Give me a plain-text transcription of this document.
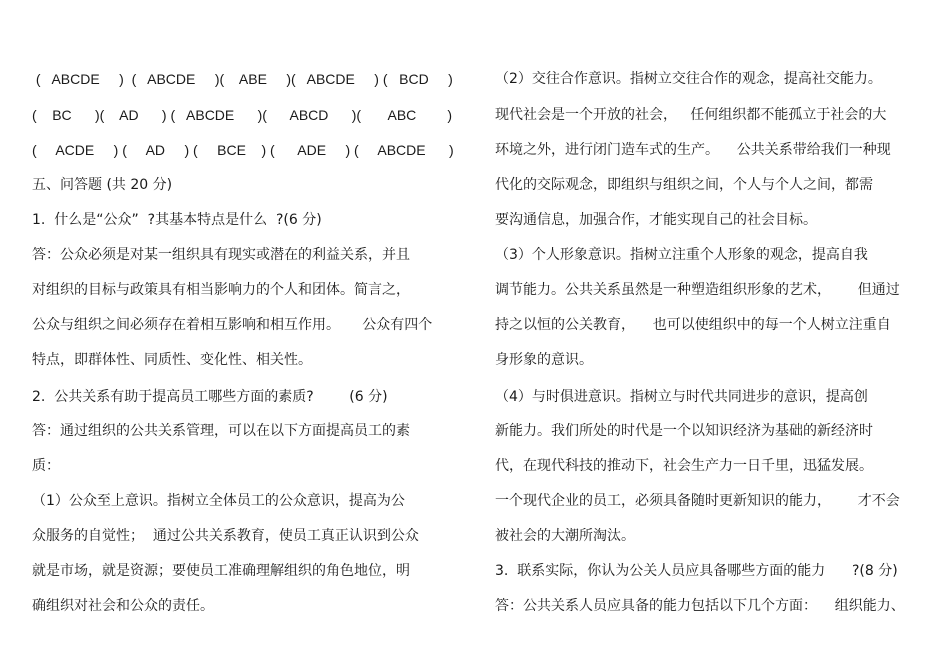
(   ABCDE     )  (   ABCDE     )(    ABE     )(   ABCDE     ) (   BCD     )
(    BC      )(    AD      ) (   ABCDE      )(      ABCD      )(       ABC        )
(     ACDE     ) (     AD     ) (     BCE    ) (      ADE     ) (     ABCDE      )
五、问答题 (共 20 分)
1.  什么是“公众”  ?其基本特点是什么  ?(6 分)
答：公众必须是对某一组织具有现实或潜在的利益关系，并且
对组织的目标与政策具有相当影响力的个人和团体。简言之，
公众与组织之间必须存在着相互影响和相互作用。     公众有四个
特点，即群体性、同质性、变化性、相关性。
2.  公共关系有助于提高员工哪些方面的素质?        (6 分)
答：通过组织的公共关系管理，可以在以下方面提高员工的素
质：
（1）公众至上意识。指树立全体员工的公众意识，提高为公
众服务的自觉性；  通过公共关系教育，使员工真正认识到公众
就是市场，就是资源；要使员工准确理解组织的角色地位，明
确组织对社会和公众的责任。
（2）交往合作意识。指树立交往合作的观念，提高社交能力。
现代社会是一个开放的社会，   任何组织都不能孤立于社会的大
环境之外，进行闭门造车式的生产。    公共关系带给我们一种现
代化的交际观念，即组织与组织之间，个人与个人之间，都需
要沟通信息，加强合作，才能实现自己的社会目标。
（3）个人形象意识。指树立注重个人形象的观念，提高自我
调节能力。公共关系虽然是一种塑造组织形象的艺术，      但通过
持之以恒的公关教育，    也可以使组织中的每一个人树立注重自
身形象的意识。
（4）与时俱进意识。指树立与时代共同进步的意识，提高创
新能力。我们所处的时代是一个以知识经济为基础的新经济时
代，在现代科技的推动下，社会生产力一日千里，迅猛发展。
一个现代企业的员工，必须具备随时更新知识的能力，      才不会
被社会的大潮所淘汰。
3.  联系实际，你认为公关人员应具备哪些方面的能力      ?(8 分)
答：公共关系人员应具备的能力包括以下几个方面：    组织能力、
